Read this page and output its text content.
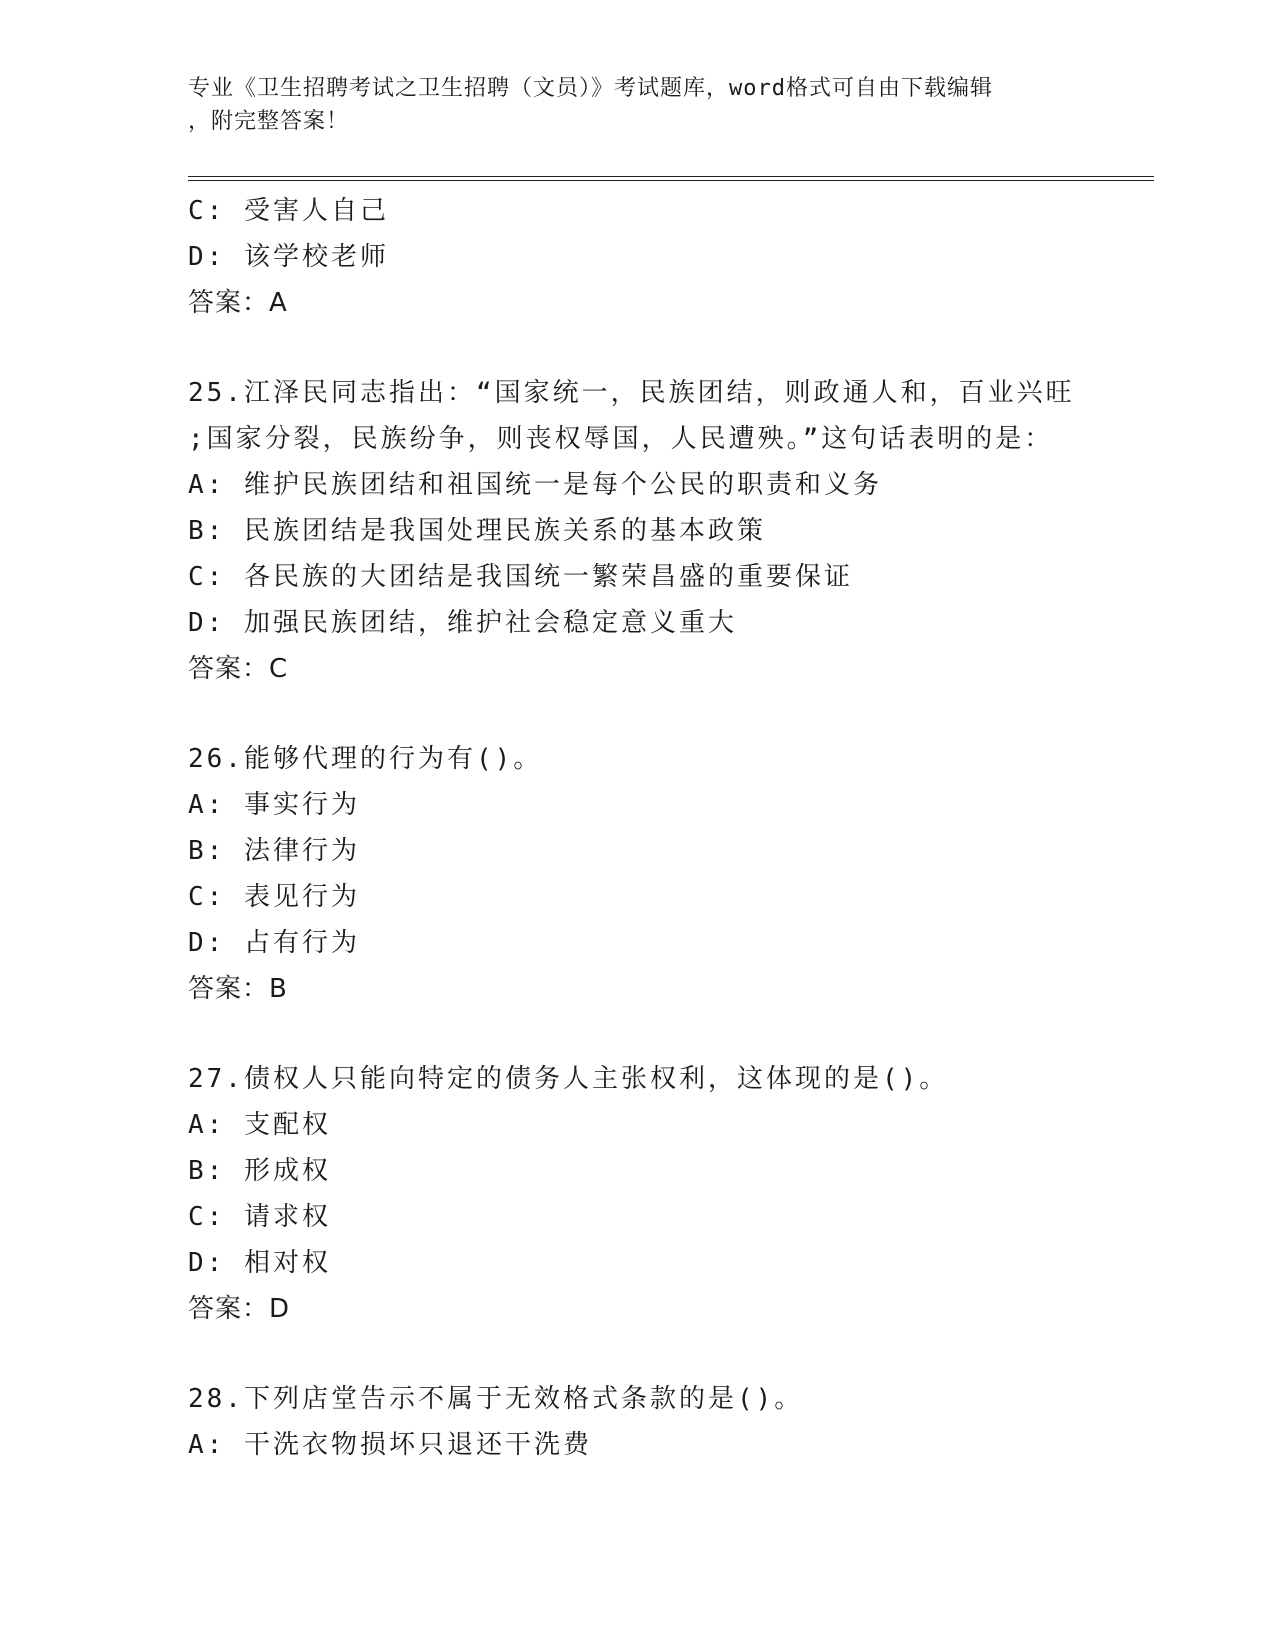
专业《卫生招聘考试之卫生招聘（文员）》考试题库，word格式可自由下载编辑
，附完整答案！
C: 受害人自己
D: 该学校老师
答案：A
25.江泽民同志指出：“国家统一，民族团结，则政通人和，百业兴旺
;国家分裂，民族纷争，则丧权辱国，人民遭殃。”这句话表明的是：
A: 维护民族团结和祖国统一是每个公民的职责和义务
B: 民族团结是我国处理民族关系的基本政策
C: 各民族的大团结是我国统一繁荣昌盛的重要保证
D: 加强民族团结，维护社会稳定意义重大
答案：C
26.能够代理的行为有()。
A: 事实行为
B: 法律行为
C: 表见行为
D: 占有行为
答案：B
27.债权人只能向特定的债务人主张权利，这体现的是()。
A: 支配权
B: 形成权
C: 请求权
D: 相对权
答案：D
28.下列店堂告示不属于无效格式条款的是()。
A: 干洗衣物损坏只退还干洗费
